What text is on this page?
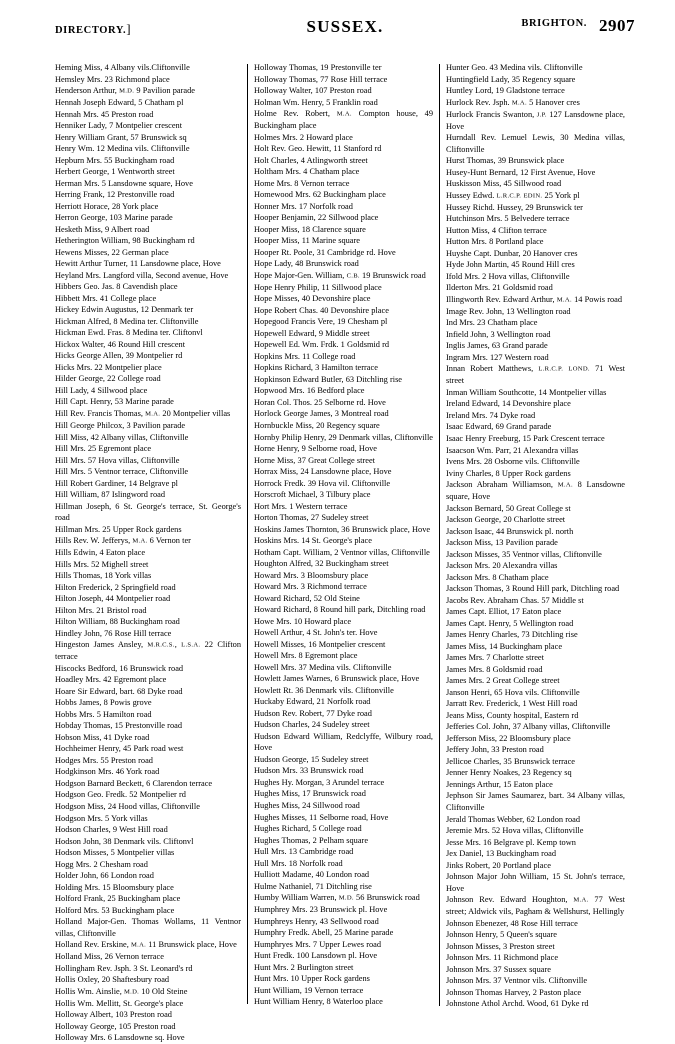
DIRECTORY.]	SUSSEX.	$^{BRIGHTON.}$ 2907

Heming Miss, 4 Albany vils.Cliftonville

Hemsley Mrs. 23 Richmond place

Henderson Arthur, M.D. 9 Pavilion parade

Hennah Joseph Edward, 5 Chatham pl

Hennah Mrs. 45 Preston road

Henniker Lady, 7 Montpelier crescent

Henry William Grant, 57 Brunswick sq

Henry Wm. 12 Medina vils. Cliftonville

Hepburn Mrs. 55 Buckingham road

Herbert George, 1 Wentworth street

Herman Mrs. 5 Lansdowne square, Hove

Herring Frank, 12 Prestonville road

Herriott Horace, 28 York place

Herron George, 103 Marine parade

Hesketh Miss, 9 Albert road

Hetherington William, 98 Buckingham rd

Hewens Misses, 22 German place

Hewitt Arthur Turner, 11 Lansdowne place, Hove

Heyland Mrs. Langford villa, Second avenue, Hove

Hibbers Geo. Jas. 8 Cavendish place

Hibbett Mrs. 41 College place

Hickey Edwin Augustus, 12 Denmark ter

Hickman Alfred, 8 Medina ter. Cliftonville

Hickman Ewd. Fras. 8 Medina ter. Cliftonvl

Hickox Walter, 46 Round Hill crescent

Hicks George Allen, 39 Montpelier rd

Hicks Mrs. 22 Montpelier place

Hilder George, 22 College road

Hill Lady, 4 Sillwood place

Hill Capt. Henry, 53 Marine parade

Hill Rev. Francis Thomas, M.A. 20 Montpelier villas

Hill George Philcox, 3 Pavilion parade

Hill Miss, 42 Albany villas, Cliftonville

Hill Mrs. 25 Egremont place

Hill Mrs. 57 Hova villas, Cliftonville

Hill Mrs. 5 Ventnor terrace, Cliftonville

Hill Robert Gardiner, 14 Belgrave pl

Hill William, 87 Islingword road

Hillman Joseph, 6 St. George's terrace, St. George's road

Hillman Mrs. 25 Upper Rock gardens

Hills Rev. W. Jefferys, M.A. 6 Vernon ter

Hills Edwin, 4 Eaton place

Hills Mrs. 52 Mighell street

Hills Thomas, 18 York villas

Hilton Frederick, 2 Springfield road

Hilton Joseph, 44 Montpelier road

Hilton Mrs. 21 Bristol road

Hilton William, 88 Buckingham road

Hindley John, 76 Rose Hill terrace

Hingeston James Ansley, M.R.C.S., L.S.A. 22 Clifton terrace

Hiscocks Bedford, 16 Brunswick road

Hoadley Mrs. 42 Egremont place

Hoare Sir Edward, bart. 68 Dyke road

Hobbs James, 8 Powis grove

Hobbs Mrs. 5 Hamilton road

Hobday Thomas, 15 Prestonville road

Hobson Miss, 41 Dyke road

Hochheimer Henry, 45 Park road west

Hodges Mrs. 55 Preston road

Hodgkinson Mrs. 46 York road

Hodgson Barnard Beckett, 6 Clarendon terrace

Hodgson Geo. Fredk. 52 Montpelier rd

Hodgson Miss, 24 Hood villas, Cliftonville

Hodgson Mrs. 5 York villas

Hodson Charles, 9 West Hill road

Hodson John, 38 Denmark vils. Cliftonvl

Hodson Misses, 5 Montpelier villas

Hogg Mrs. 2 Chesham road

Holder John, 66 London road

Holding Mrs. 15 Bloomsbury place

Holford Frank, 25 Buckingham place

Holford Mrs. 53 Buckingham place

Holland Major-Gen. Thomas Wollams, 11 Ventnor villas, Cliftonville

Holland Rev. Erskine, M.A. 11 Brunswick place, Hove

Holland Miss, 26 Vernon terrace

Hollingham Rev. Jsph. 3 St. Leonard's rd

Hollis Oxley, 20 Shaftesbury road

Hollis Wm. Ainslie, M.D. 10 Old Steine

Hollis Wm. Mellitt, St. George's place

Holloway Albert, 103 Preston road

Holloway George, 105 Preston road

Holloway Mrs. 6 Lansdowne sq. Hove

Holloway Thomas, 19 Prestonville ter

Holloway Thomas, 77 Rose Hill terrace

Holloway Walter, 107 Preston road

Holman Wm. Henry, 5 Franklin road

Holme Rev. Robert, M.A. Compton house, 49 Buckingham place

Holmes Mrs. 2 Howard place

Holt Rev. Geo. Hewitt, 11 Stanford rd

Holt Charles, 4 Atlingworth street

Holtham Mrs. 4 Chatham place

Home Mrs. 8 Vernon terrace

Homewood Mrs. 62 Buckingham place

Honner Mrs. 17 Norfolk road

Hooper Benjamin, 22 Sillwood place

Hooper Miss, 18 Clarence square

Hooper Miss, 11 Marine square

Hooper Rt. Poole, 31 Cambridge rd. Hove

Hope Lady, 48 Brunswick road

Hope Major-Gen. William, C.B. 19 Brunswick road

Hope Henry Philip, 11 Sillwood place

Hope Misses, 40 Devonshire place

Hope Robert Chas. 40 Devonshire place

Hopegood Francis Vere, 19 Chesham pl

Hopewell Edward, 9 Middle street

Hopewell Ed. Wm. Frdk. 1 Goldsmid rd

Hopkins Mrs. 11 College road

Hopkins Richard, 3 Hamilton terrace

Hopkinson Edward Butler, 63 Ditchling rise

Hopwood Mrs. 16 Bedford place

Horan Col. Thos. 25 Selborne rd. Hove

Horlock George James, 3 Montreal road

Hornbuckle Miss, 20 Regency square

Hornby Philip Henry, 29 Denmark villas, Cliftonville

Horne Henry, 9 Selborne road, Hove

Horne Miss, 37 Great College street

Horrax Miss, 24 Lansdowne place, Hove

Horrock Fredk. 39 Hova vil. Cliftonville

Horscroft Michael, 3 Tilbury place

Hort Mrs. 1 Western terrace

Horton Thomas, 27 Sudeley street

Hoskins James Thornton, 36 Brunswick place, Hove

Hoskins Mrs. 14 St. George's place

Hotham Capt. William, 2 Ventnor villas, Cliftonville

Houghton Alfred, 32 Buckingham street

Howard Mrs. 3 Bloomsbury place

Howard Mrs. 3 Richmond terrace

Howard Richard, 52 Old Steine

Howard Richard, 8 Round hill park, Ditchling road

Howe Mrs. 10 Howard place

Howell Arthur, 4 St. John's ter. Hove

Howell Misses, 16 Montpelier crescent

Howell Mrs. 8 Egremont place

Howell Mrs. 37 Medina vils. Cliftonville

Howlett James Warnes, 6 Brunswick place, Hove

Howlett Rt. 36 Denmark vils. Cliftonville

Huckaby Edward, 21 Norfolk road

Hudson Rev. Robert, 77 Dyke road

Hudson Charles, 24 Sudeley street

Hudson Edward William, Redclyffe, Wilbury road, Hove

Hudson George, 15 Sudeley street

Hudson Mrs. 33 Brunswick road

Hughes Hy. Morgan, 3 Arundel terrace

Hughes Miss, 17 Brunswick road

Hughes Miss, 24 Sillwood road

Hughes Misses, 11 Selborne road, Hove

Hughes Richard, 5 College road

Hughes Thomas, 2 Pelham square

Hull Mrs. 13 Cambridge road

Hull Mrs. 18 Norfolk road

Hulliott Madame, 40 London road

Hulme Nathaniel, 71 Ditchling rise

Humby William Warren, M.D. 56 Brunswick road

Humphrey Mrs. 23 Brunswick pl. Hove

Humphreys Henry, 43 Sellwood road

Humphry Fredk. Abell, 25 Marine parade

Humphryes Mrs. 7 Upper Lewes road

Hunt Fredk. 100 Lansdown pl. Hove

Hunt Mrs. 2 Burlington street

Hunt Mrs. 10 Upper Rock gardens

Hunt William, 19 Vernon terrace

Hunt William Henry, 8 Waterloo place

Hunter Geo. 43 Medina vils. Cliftonville

Huntingfield Lady, 35 Regency square

Huntley Lord, 19 Gladstone terrace

Hurlock Rev. Jsph. M.A. 5 Hanover cres

Hurlock Francis Swanton, J.P. 127 Lansdowne place, Hove

Hurndall Rev. Lemuel Lewis, 30 Medina villas, Cliftonville

Hurst Thomas, 39 Brunswick place

Husey-Hunt Bernard, 12 First Avenue, Hove

Huskisson Miss, 45 Sillwood road

Hussey Edwd. L.R.C.P. EDIN. 25 York pl

Hussey Richd. Hussey, 29 Brunswick ter

Hutchinson Mrs. 5 Belvedere terrace

Hutton Miss, 4 Clifton terrace

Hutton Mrs. 8 Portland place

Huyshe Capt. Dunbar, 20 Hanover cres

Hyde John Martin, 45 Round Hill cres

Ifold Mrs. 2 Hova villas, Cliftonville

Ilderton Mrs. 21 Goldsmid road

Illingworth Rev. Edward Arthur, M.A. 14 Powis road

Image Rev. John, 13 Wellington road

Ind Mrs. 23 Chatham place

Infield John, 3 Wellington road

Inglis James, 63 Grand parade

Ingram Mrs. 127 Western road

Innan Robert Matthews, L.R.C.P. LOND. 71 West street

Inman William Southcotte, 14 Montpelier villas

Ireland Edward, 14 Devonshire place

Ireland Mrs. 74 Dyke road

Isaac Edward, 69 Grand parade

Isaac Henry Freeburg, 15 Park Crescent terrace

Isaacson Wm. Parr, 21 Alexandra villas

Ivens Mrs. 28 Osborne vils. Cliftonville

Iviny Charles, 8 Upper Rock gardens

Jackson Abraham Williamson, M.A. 8 Lansdowne square, Hove

Jackson Bernard, 50 Great College st

Jackson George, 20 Charlotte street

Jackson Isaac, 44 Brunswick pl. north

Jackson Miss, 13 Pavilion parade

Jackson Misses, 35 Ventnor villas, Cliftonville

Jackson Mrs. 20 Alexandra villas

Jackson Mrs. 8 Chatham place

Jackson Thomas, 3 Round Hill park, Ditchling road

Jacobs Rev. Abraham Chas. 57 Middle st

James Capt. Elliot, 17 Eaton place

James Capt. Henry, 5 Wellington road

James Henry Charles, 73 Ditchling rise

James Miss, 14 Buckingham place

James Mrs. 7 Charlotte street

James Mrs. 8 Goldsmid road

James Mrs. 2 Great College street

Janson Henri, 65 Hova vils. Cliftonville

Jarratt Rev. Frederick, 1 West Hill road

Jeans Miss, County hospital, Eastern rd

Jefferies Col. John, 37 Albany villas, Cliftonville

Jefferson Miss, 22 Bloomsbury place

Jeffery John, 33 Preston road

Jellicoe Charles, 35 Brunswick terrace

Jenner Henry Noakes, 23 Regency sq

Jennings Arthur, 15 Eaton place

Jephson Sir James Saumarez, bart. 34 Albany villas, Cliftonville

Jerald Thomas Webber, 62 London road

Jeremie Mrs. 52 Hova villas, Cliftonville

Jesse Mrs. 16 Belgrave pl. Kemp town

Jex Daniel, 13 Buckingham road

Jinks Robert, 20 Portland place

Johnson Major John William, 15 St. John's terrace, Hove

Johnson Rev. Edward Houghton, M.A. 77 West street; Aldwick vils, Pagham & Wellshurst, Hellingly

Johnson Ebenezer, 48 Rose Hill terrace

Johnson Henry, 5 Queen's square

Johnson Misses, 3 Preston street

Johnson Mrs. 11 Richmond place

Johnson Mrs. 37 Sussex square

Johnson Mrs. 37 Ventnor vils. Cliftonville

Johnson Thomas Harvey, 2 Paston place

Johnstone Athol Archd. Wood, 61 Dyke rd
